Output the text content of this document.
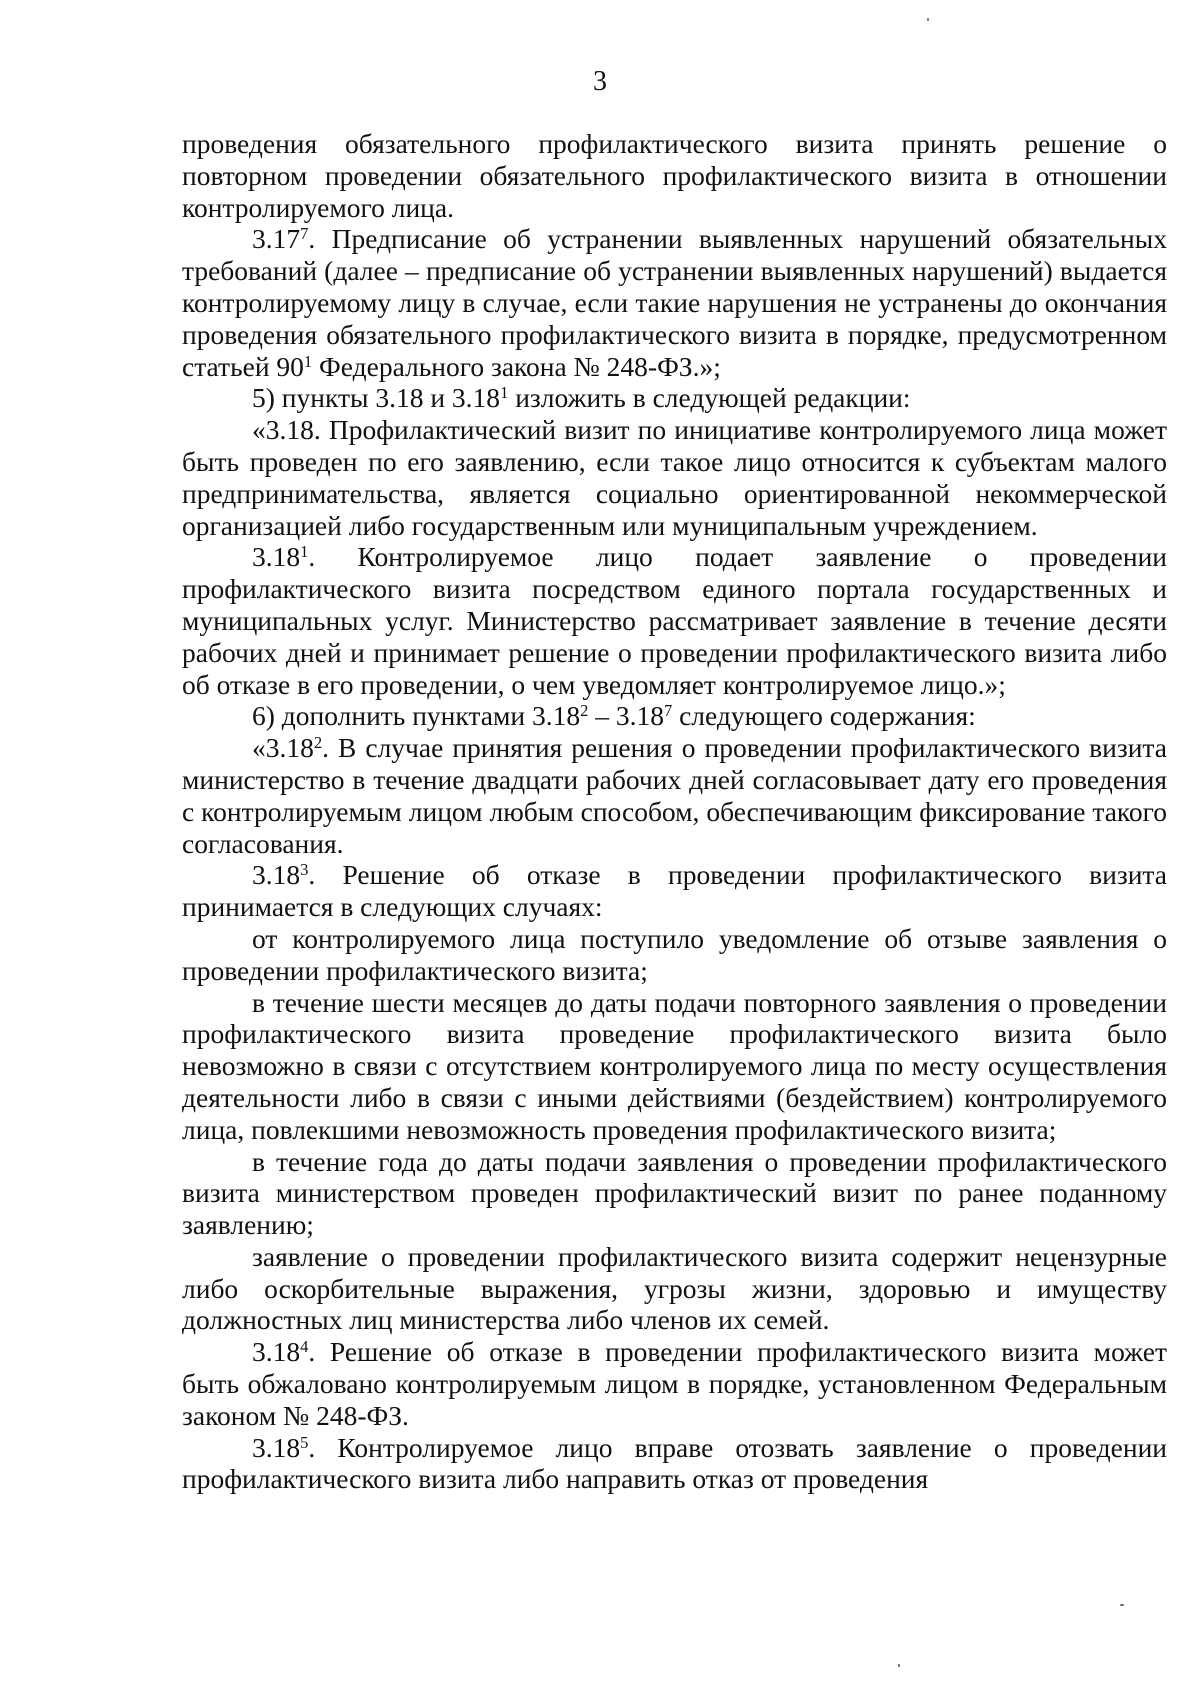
3

проведения обязательного профилактического визита принять решение о повторном проведении обязательного профилактического визита в отношении контролируемого лица.

3.17$^7$. Предписание об устранении выявленных нарушений обязательных требований (далее – предписание об устранении выявленных нарушений) выдается контролируемому лицу в случае, если такие нарушения не устранены до окончания проведения обязательного профилактического визита в порядке, предусмотренном статьей $90^1$ Федерального закона № 248-ФЗ.»;

5) пункты 3.18 и 3.18$^1$ изложить в следующей редакции:

«3.18. Профилактический визит по инициативе контролируемого лица может быть проведен по его заявлению, если такое лицо относится к субъектам малого предпринимательства, является социально ориентированной некоммерческой организацией либо государственным или муниципальным учреждением.

3.18$^1$. Контролируемое лицо подает заявление о проведении профилактического визита посредством единого портала государственных и муниципальных услуг. Министерство рассматривает заявление в течение десяти рабочих дней и принимает решение о проведении профилактического визита либо об отказе в его проведении, о чем уведомляет контролируемое лицо.»;

6) дополнить пунктами 3.18$^2$ – 3.18$^7$ следующего содержания:

«3.18$^2$. В случае принятия решения о проведении профилактического визита министерство в течение двадцати рабочих дней согласовывает дату его проведения с контролируемым лицом любым способом, обеспечивающим фиксирование такого согласования.

3.18$^3$. Решение об отказе в проведении профилактического визита принимается в следующих случаях:

от контролируемого лица поступило уведомление об отзыве заявления о проведении профилактического визита;

в течение шести месяцев до даты подачи повторного заявления о проведении профилактического визита проведение профилактического визита было невозможно в связи с отсутствием контролируемого лица по месту осуществления деятельности либо в связи с иными действиями (бездействием) контролируемого лица, повлекшими невозможность проведения профилактического визита;

в течение года до даты подачи заявления о проведении профилактического визита министерством проведен профилактический визит по ранее поданному заявлению;

заявление о проведении профилактического визита содержит нецензурные либо оскорбительные выражения, угрозы жизни, здоровью и имуществу должностных лиц министерства либо членов их семей.

3.18$^4$. Решение об отказе в проведении профилактического визита может быть обжаловано контролируемым лицом в порядке, установленном Федеральным законом № 248-ФЗ.

3.18$^5$. Контролируемое лицо вправе отозвать заявление о проведении профилактического визита либо направить отказ от проведения
